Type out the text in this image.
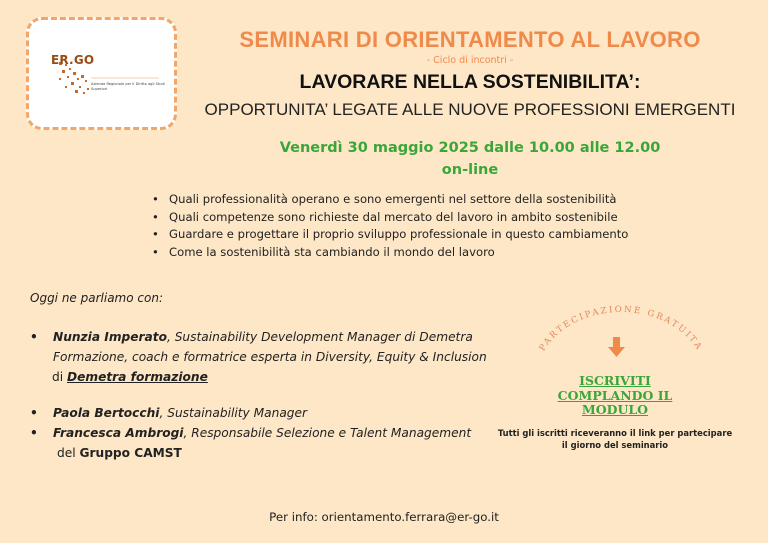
ER.GO
Azienda Regionale per il Diritto agli Studi Superiori
SEMINARI DI ORIENTAMENTO AL LAVORO
- Ciclo di incontri -
LAVORARE NELLA SOSTENIBILITA’:
OPPORTUNITA’ LEGATE ALLE NUOVE PROFESSIONI EMERGENTI
Venerdì 30 maggio 2025 dalle 10.00 alle 12.00
on-line
• Quali professionalità operano e sono emergenti nel settore della sostenibilità
• Quali competenze sono richieste dal mercato del lavoro in ambito sostenibile
• Guardare e progettare il proprio sviluppo professionale in questo cambiamento
• Come la sostenibilità sta cambiando il mondo del lavoro
Oggi ne parliamo con:
•	Nunzia Imperato, Sustainability Development Manager di Demetra
Formazione, coach e formatrice esperta in Diversity, Equity & Inclusion
di Demetra formazione
•	Paola Bertocchi, Sustainability Manager
•	Francesca Ambrogi, Responsabile Selezione e Talent Management
del Gruppo CAMST
PARTECIPAZIONE GRATUITA
ISCRIVITI
COMPLANDO IL
MODULO
Tutti gli iscritti riceveranno il link per partecipare
il giorno del seminario
Per info: orientamento.ferrara@er-go.it
